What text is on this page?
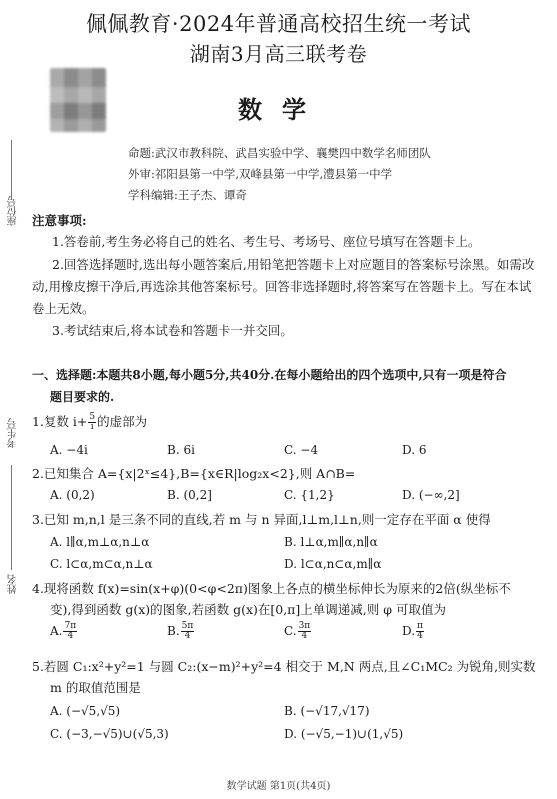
佩佩教育·2024年普通高校招生统一考试
湖南3月高三联考卷
数学
命题:武汉市教科院、武昌实验中学、襄樊四中数学名师团队
外审:祁阳县第一中学,双峰县第一中学,澧县第一中学
学科编辑:王子杰、谭奇
座位号
考生号
姓名
注意事项:
1.答卷前,考生务必将自己的姓名、考生号、考场号、座位号填写在答题卡上。
2.回答选择题时,选出每小题答案后,用铅笔把答题卡上对应题目的答案标号涂黑。如需改
动,用橡皮擦干净后,再选涂其他答案标号。回答非选择题时,将答案写在答题卡上。写在本试
卷上无效。
3.考试结束后,将本试卷和答题卡一并交回。
一、选择题:本题共8小题,每小题5分,共40分.在每小题给出的四个选项中,只有一项是符合
题目要求的.
1.复数 $i+ \frac{5}{i}$ 的虚部为
A. −4i	B. 6i	C. −4	D. 6
2.已知集合 A={x|2ˣ≤4},B={x∈R|log₂x<2},则 A∩B=
A. (0,2)	B. (0,2]	C. {1,2}	D. (−∞,2]
3.已知 m,n,l 是三条不同的直线,若 m 与 n 异面,l⊥m,l⊥n,则一定存在平面 α 使得
A. l∥α,m⊥α,n⊥α	B. l⊥α,m∥α,n∥α
C. l⊂α,m⊂α,n⊥α	D. l⊂α,n⊂α,m∥α
4.现将函数 f(x)=sin(x+φ)(0<φ<2π)图象上各点的横坐标伸长为原来的2倍(纵坐标不
变),得到函数 g(x)的图象,若函数 g(x)在[0,π]上单调递减,则 φ 可取值为
A. $\frac{7\pi}{4}$	B. $\frac{5\pi}{4}$	C. $\frac{3\pi}{4}$	D. $\frac{\pi}{4}$
5.若圆 C₁:x²+y²=1 与圆 C₂:(x−m)²+y²=4 相交于 M,N 两点,且∠C₁MC₂ 为锐角,则实数
m 的取值范围是
A. (−√5,√5)	B. (−√17,√17)
C. (−3,−√5)∪(√5,3)	D. (−√5,−1)∪(1,√5)
数学试题 第1页(共4页)
